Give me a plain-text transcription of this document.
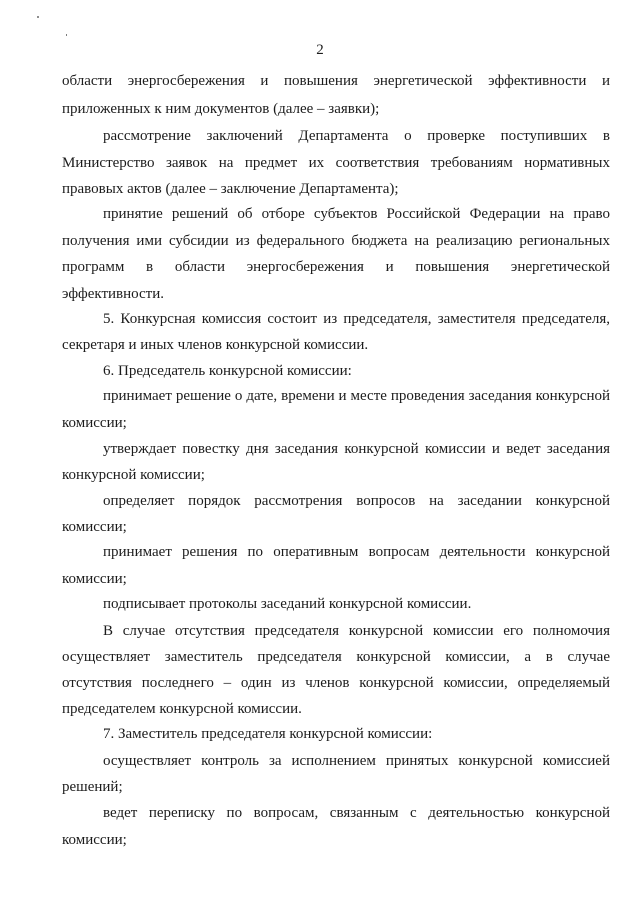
2
области энергосбережения и повышения энергетической эффективности и
приложенных к ним документов (далее – заявки);
рассмотрение заключений Департамента о проверке поступивших в
Министерство заявок на предмет их соответствия требованиям нормативных
правовых актов (далее – заключение Департамента);
принятие решений об отборе субъектов Российской Федерации на право
получения ими субсидии из федерального бюджета на реализацию региональных
программ в области энергосбережения и повышения энергетической
эффективности.
5. Конкурсная комиссия состоит из председателя, заместителя председателя,
секретаря и иных членов конкурсной комиссии.
6. Председатель конкурсной комиссии:
принимает решение о дате, времени и месте проведения заседания конкурсной
комиссии;
утверждает повестку дня заседания конкурсной комиссии и ведет заседания
конкурсной комиссии;
определяет порядок рассмотрения вопросов на заседании конкурсной
комиссии;
принимает решения по оперативным вопросам деятельности конкурсной
комиссии;
подписывает протоколы заседаний конкурсной комиссии.
В случае отсутствия председателя конкурсной комиссии его полномочия
осуществляет заместитель председателя конкурсной комиссии, а в случае
отсутствия последнего – один из членов конкурсной комиссии, определяемый
председателем конкурсной комиссии.
7. Заместитель председателя конкурсной комиссии:
осуществляет контроль за исполнением принятых конкурсной комиссией
решений;
ведет переписку по вопросам, связанным с деятельностью конкурсной
комиссии;
